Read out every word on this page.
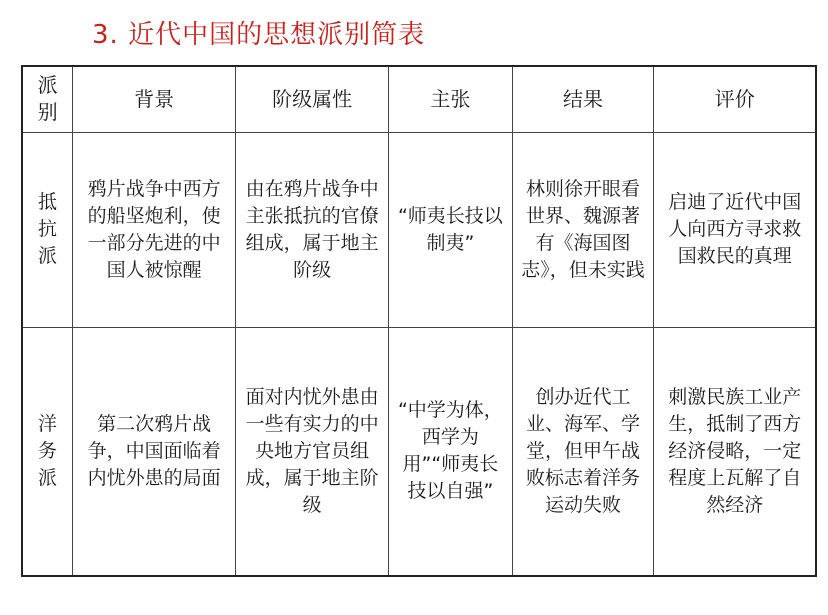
3. 近代中国的思想派别简表
派别	背景	阶级属性	主张	结果	评价
抵抗派	鸦片战争中西方的船坚炮利，使一部分先进的中国人被惊醒	由在鸦片战争中主张抵抗的官僚组成，属于地主阶级	“师夷长技以制夷”	林则徐开眼看世界、魏源著有《海国图志》，但未实践	启迪了近代中国人向西方寻求救国救民的真理
洋务派	第二次鸦片战争，中国面临着内忧外患的局面	面对内忧外患由一些有实力的中央地方官员组成，属于地主阶级	“中学为体，西学为用”“师夷长技以自强”	创办近代工业、海军、学堂，但甲午战败标志着洋务运动失败	刺激民族工业产生，抵制了西方经济侵略，一定程度上瓦解了自然经济
